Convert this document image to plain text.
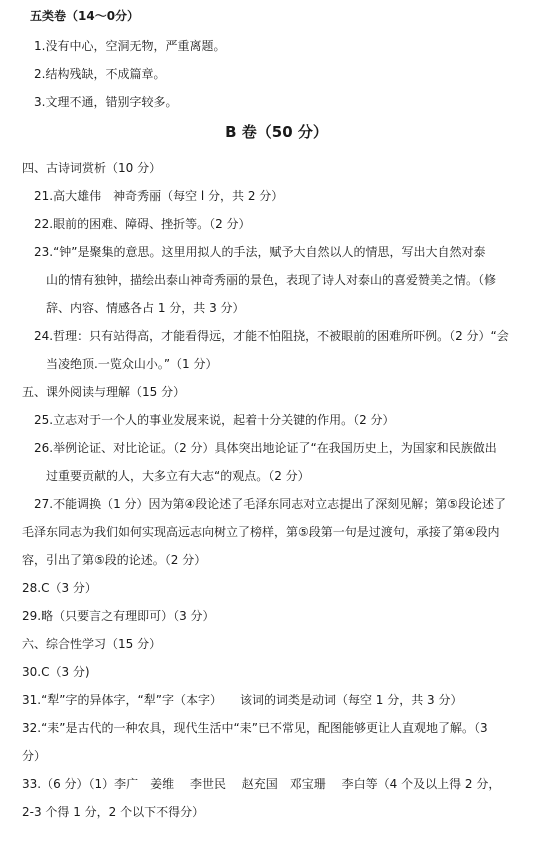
五类卷（14～0分）
1.没有中心，空洞无物，严重离题。
2.结构残缺，不成篇章。
3.文理不通，错别字较多。
B 卷（50 分）
四、古诗词赏析（10 分）
21.高大雄伟　神奇秀丽（每空 l 分，共 2 分）
22.眼前的困难、障碍、挫折等。（2 分）
23.“钟”是聚集的意思。这里用拟人的手法，赋予大自然以人的情思，写出大自然对泰
山的情有独钟，描绘出泰山神奇秀丽的景色，表现了诗人对泰山的喜爱赞美之情。（修
辞、内容、情感各占 1 分，共 3 分）
24.哲理：只有站得高，才能看得远，才能不怕阻挠，不被眼前的困难所吓例。（2 分）“会
当凌绝顶.一览众山小。”（1 分）
五、课外阅读与理解（15 分）
25.立志对于一个人的事业发展来说，起着十分关键的作用。（2 分）
26.举例论证、对比论证。（2 分）具体突出地论证了“在我国历史上，为国家和民族做出
过重要贡献的人，大多立有大志“的观点。（2 分）
27.不能调换（1 分）因为第④段论述了毛泽东同志对立志提出了深刻见解；第⑤段论述了
毛泽东同志为我们如何实现高远志向树立了榜样，第⑤段第一句是过渡句，承接了第④段内
容，引出了第⑤段的论述。（2 分）
28.C（3 分）
29.略（只要言之有理即可）（3 分）
六、综合性学习（15 分）
30.C（3 分)
31.“犁”字的异体字，“犁”字（本字）　　该词的词类是动词（每空 1 分，共 3 分）
32.“耒”是古代的一种农具，现代生活中“耒”已不常见，配图能够更让人直观地了解。（3
分）
33.（6 分）（1）李广　姜维　 李世民　 赵充国　邓宝珊　 李白等（4 个及以上得 2 分，
2-3 个得 1 分，2 个以下不得分）
